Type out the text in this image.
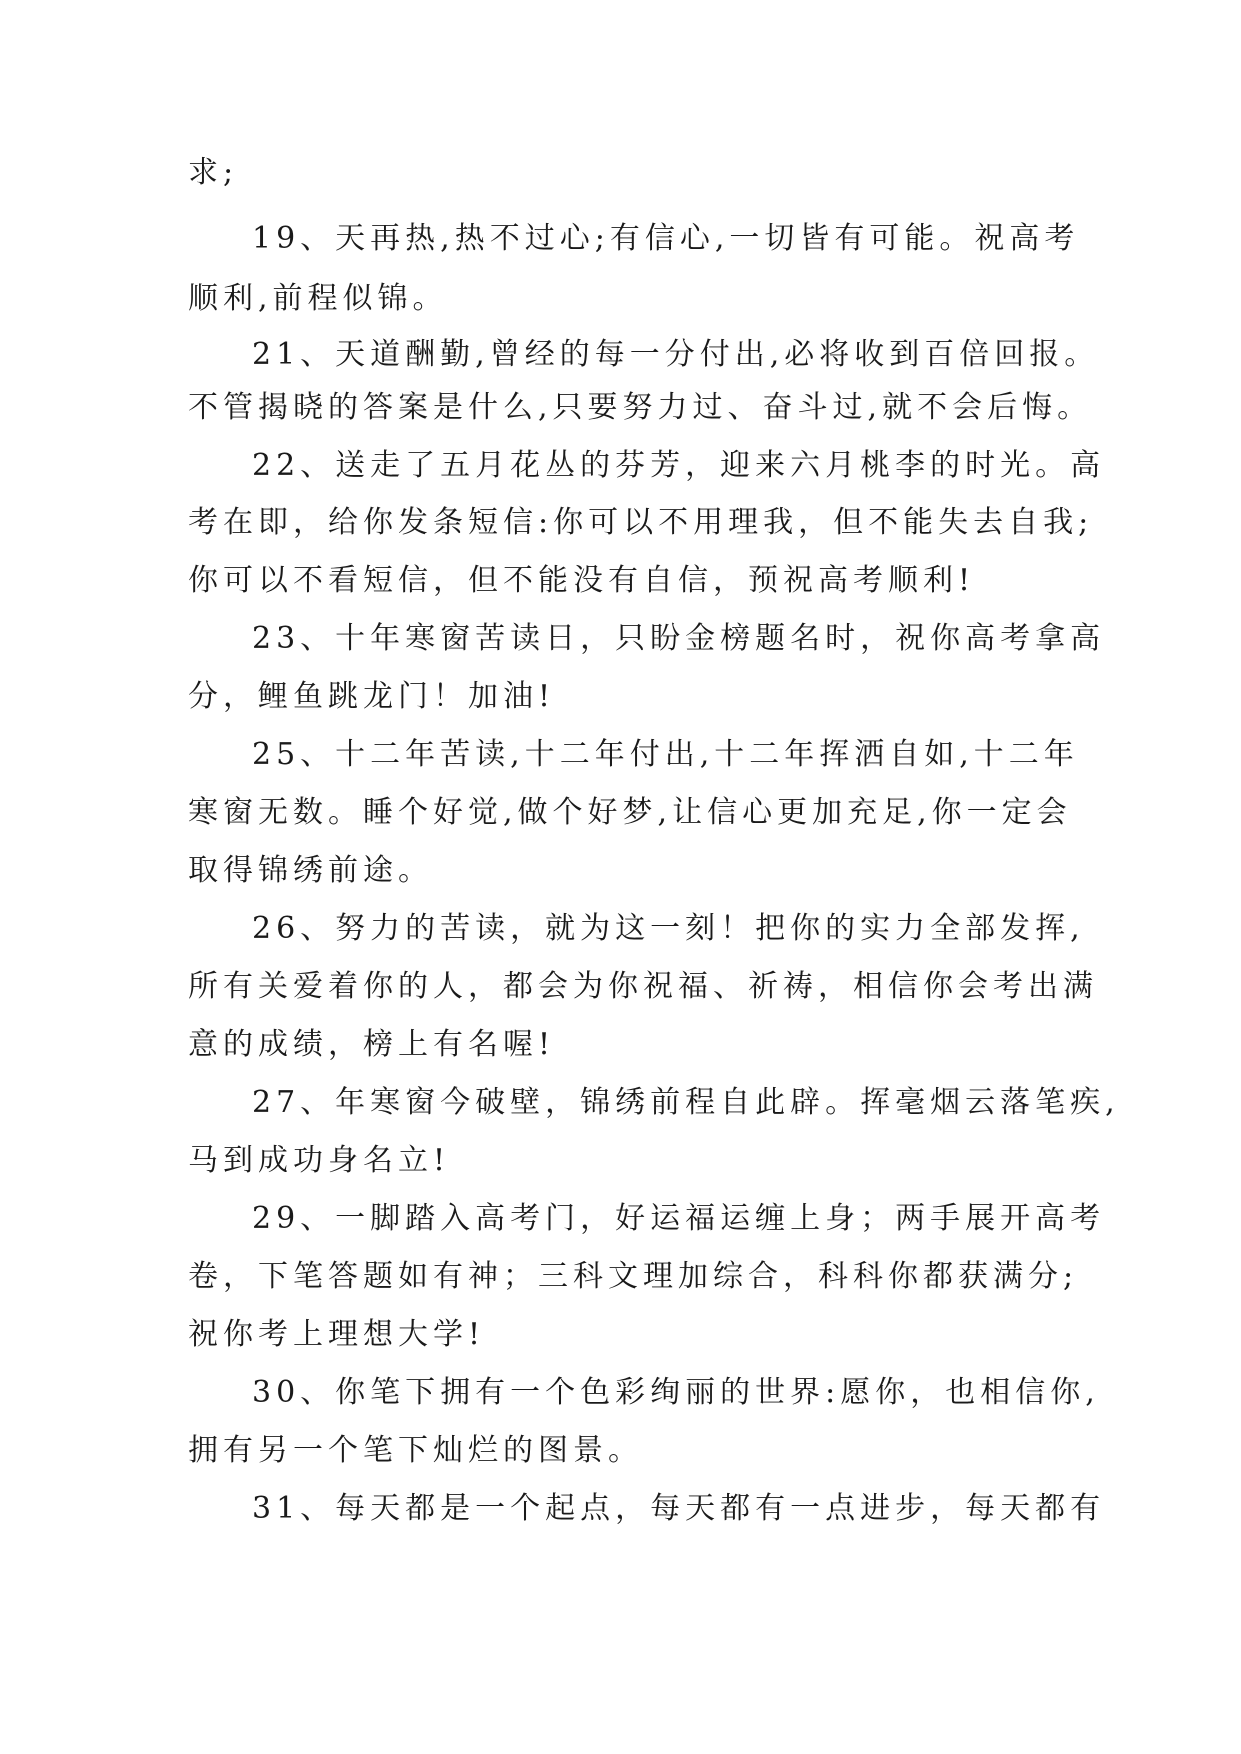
求;
19、天再热,热不过心;有信心,一切皆有可能。祝高考
顺利,前程似锦。
21、天道酬勤,曾经的每一分付出,必将收到百倍回报。
不管揭晓的答案是什么,只要努力过、奋斗过,就不会后悔。
22、送走了五月花丛的芬芳，迎来六月桃李的时光。高
考在即，给你发条短信:你可以不用理我，但不能失去自我;
你可以不看短信，但不能没有自信，预祝高考顺利!
23、十年寒窗苦读日，只盼金榜题名时，祝你高考拿高
分，鲤鱼跳龙门！加油!
25、十二年苦读,十二年付出,十二年挥洒自如,十二年
寒窗无数。睡个好觉,做个好梦,让信心更加充足,你一定会
取得锦绣前途。
26、努力的苦读，就为这一刻！把你的实力全部发挥,
所有关爱着你的人，都会为你祝福、祈祷，相信你会考出满
意的成绩，榜上有名喔!
27、年寒窗今破壁，锦绣前程自此辟。挥毫烟云落笔疾,
马到成功身名立!
29、一脚踏入高考门，好运福运缠上身；两手展开高考
卷，下笔答题如有神；三科文理加综合，科科你都获满分;
祝你考上理想大学!
30、你笔下拥有一个色彩绚丽的世界:愿你，也相信你,
拥有另一个笔下灿烂的图景。
31、每天都是一个起点，每天都有一点进步，每天都有
